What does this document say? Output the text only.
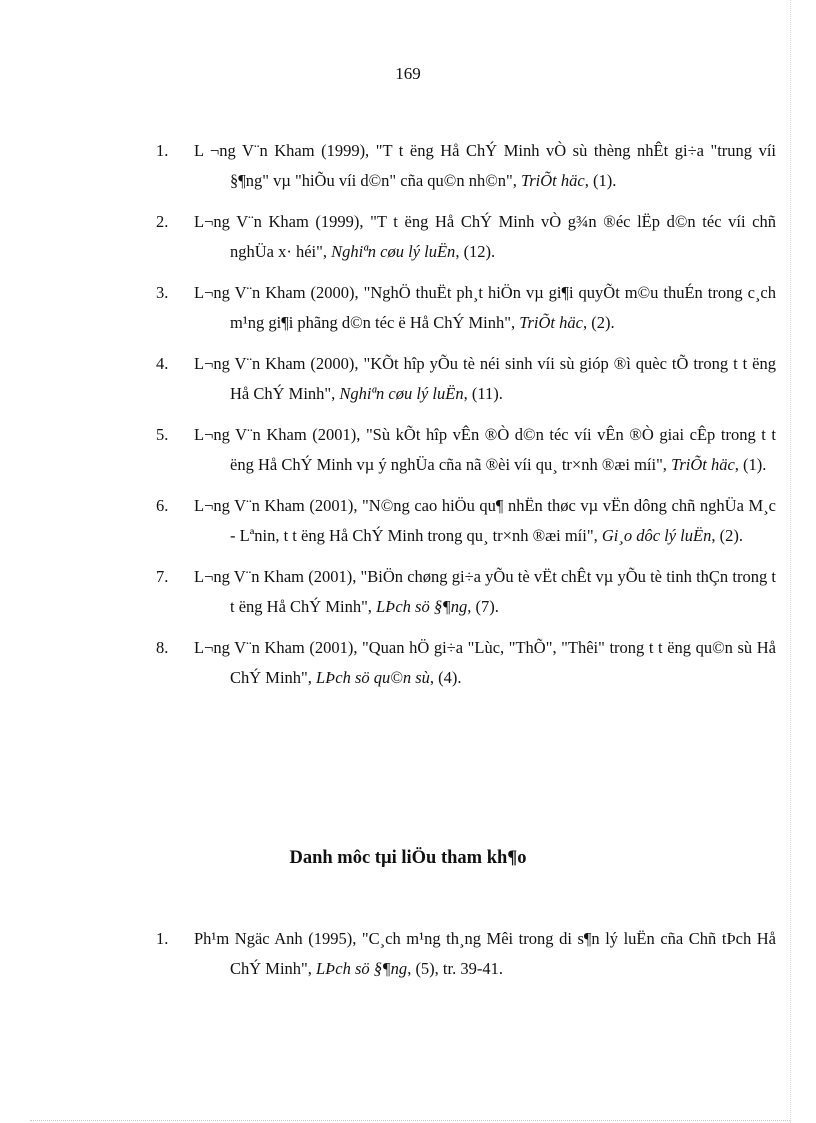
169
1. L ¬ng V¨n Kham (1999), "T t ëng Hå ChÝ Minh vÒ sù thèng nhÊt gi÷a "trung víi §¶ng" vµ "hiÕu víi d©n" cña qu©n nh©n", TriÕt häc, (1).
2. L¬ng V¨n Kham (1999), "T t ëng Hå ChÝ Minh vÒ g¾n ®éc lËp d©n téc víi chñ nghÜa x· héi", Nghiªn cøu lý luËn, (12).
3. L¬ng V¨n Kham (2000), "NghÖ thuËt ph¸t hiÖn vµ gi¶i quyÕt m©u thuÉn trong c¸ch m¹ng gi¶i phãng d©n téc ë Hå ChÝ Minh", TriÕt häc, (2).
4. L¬ng V¨n Kham (2000), "KÕt hîp yÕu tè néi sinh víi sù gióp ®ì quèc tÕ trong t t ëng Hå ChÝ Minh", Nghiªn cøu lý luËn, (11).
5. L¬ng V¨n Kham (2001), "Sù kÕt hîp vÊn ®Ò d©n téc víi vÊn ®Ò giai cÊp trong t t ëng Hå ChÝ Minh vµ ý nghÜa cña nã ®èi víi qu¸ tr×nh ®æi míi", TriÕt häc, (1).
6. L¬ng V¨n Kham (2001), "N©ng cao hiÖu qu¶ nhËn thøc vµ vËn dông chñ nghÜa M¸c - Lªnin, t t ëng Hå ChÝ Minh trong qu¸ tr×nh ®æi míi", Gi¸o dôc lý luËn, (2).
7. L¬ng V¨n Kham (2001), "BiÖn chøng gi÷a yÕu tè vËt chÊt vµ yÕu tè tinh thÇn trong t t ëng Hå ChÝ Minh", LÞch sö §¶ng, (7).
8. L¬ng V¨n Kham (2001), "Quan hÖ gi÷a "Lùc, "ThÕ", "Thêi" trong t t ëng qu©n sù Hå ChÝ Minh", LÞch sö qu©n sù, (4).
Danh môc tµi liÖu tham kh¶o
1. Ph¹m Ngäc Anh (1995), "C¸ch m¹ng th¸ng Mêi trong di s¶n lý luËn cña Chñ tÞch Hå ChÝ Minh", LÞch sö §¶ng, (5), tr. 39-41.
